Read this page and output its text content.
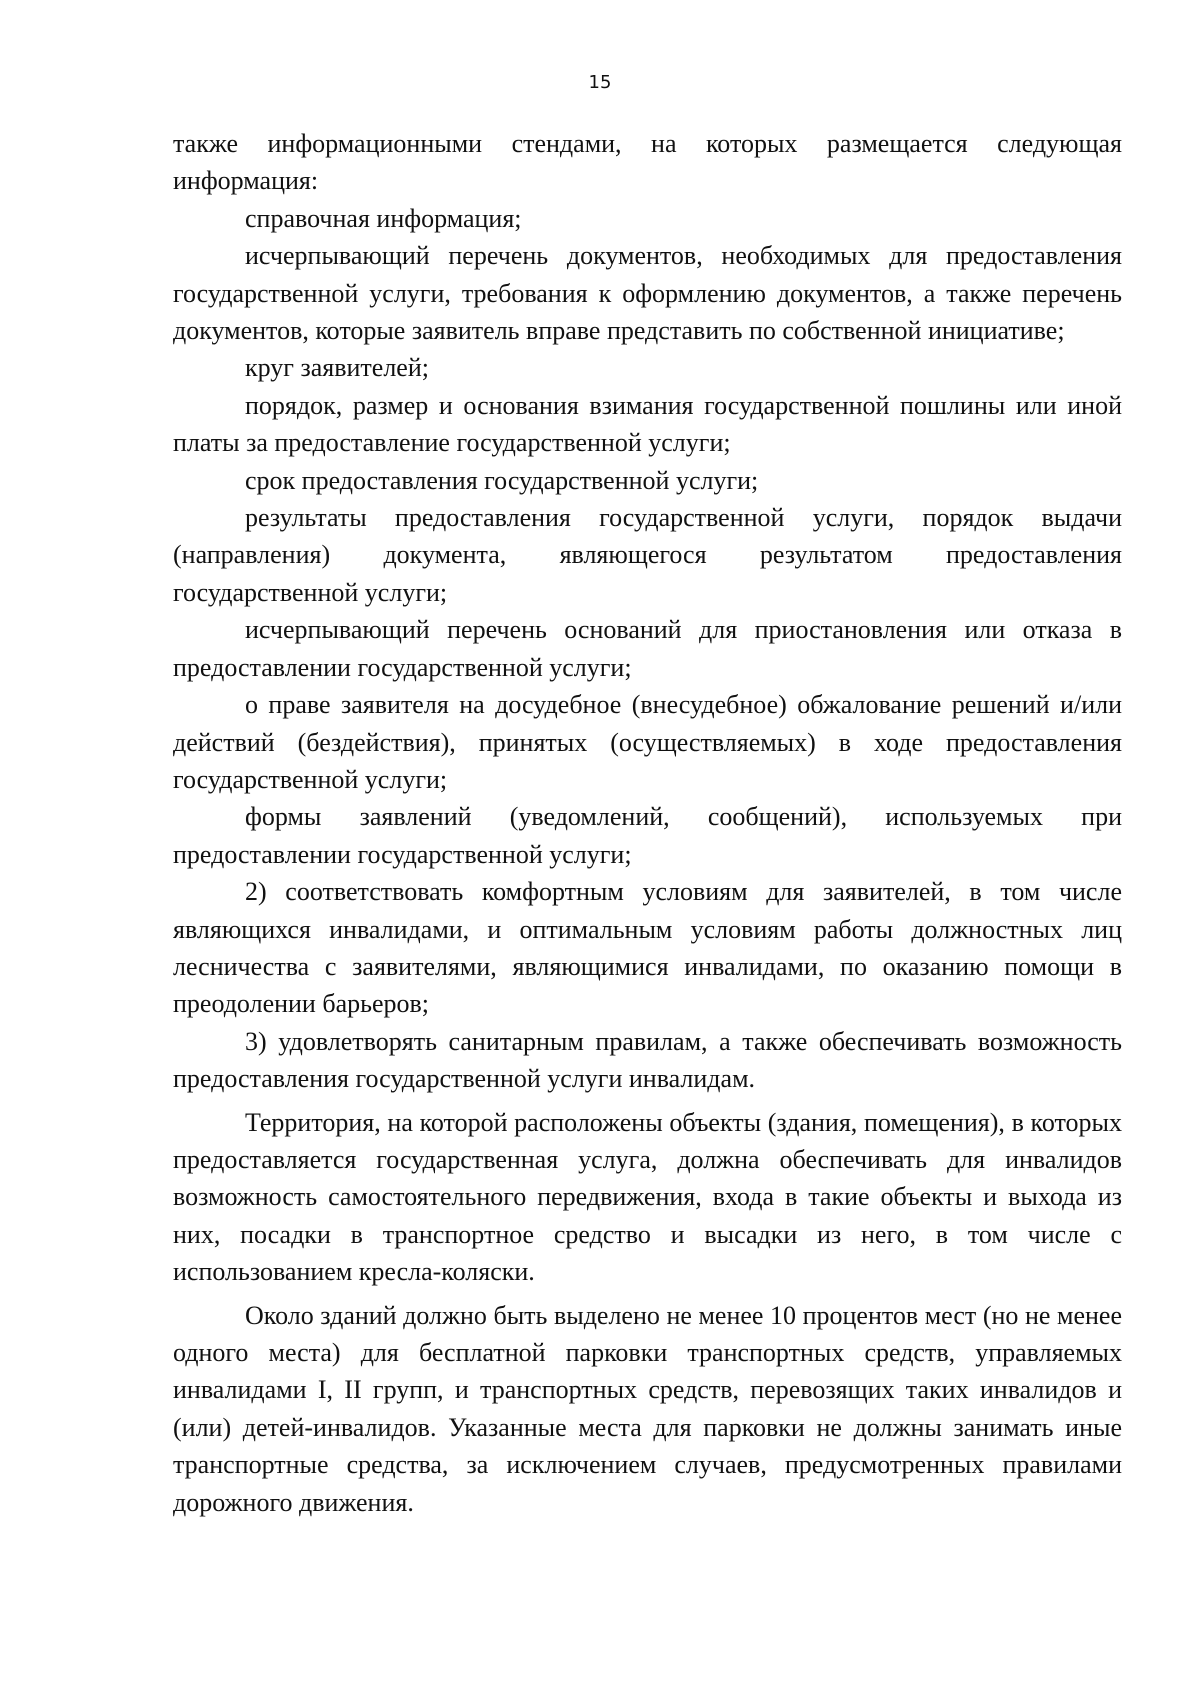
15

также информационными стендами, на которых размещается следующая информация:

справочная информация;

исчерпывающий перечень документов, необходимых для предоставления государственной услуги, требования к оформлению документов, а также перечень документов, которые заявитель вправе представить по собственной инициативе;

круг заявителей;

порядок, размер и основания взимания государственной пошлины или иной платы за предоставление государственной услуги;

срок предоставления государственной услуги;

результаты предоставления государственной услуги, порядок выдачи (направления) документа, являющегося результатом предоставления государственной услуги;

исчерпывающий перечень оснований для приостановления или отказа в предоставлении государственной услуги;

о праве заявителя на досудебное (внесудебное) обжалование решений и/или действий (бездействия), принятых (осуществляемых) в ходе предоставления государственной услуги;

формы заявлений (уведомлений, сообщений), используемых при предоставлении государственной услуги;

2) соответствовать комфортным условиям для заявителей, в том числе являющихся инвалидами, и оптимальным условиям работы должностных лиц лесничества с заявителями, являющимися инвалидами, по оказанию помощи в преодолении барьеров;

3) удовлетворять санитарным правилам, а также обеспечивать возможность предоставления государственной услуги инвалидам.

Территория, на которой расположены объекты (здания, помещения), в которых предоставляется государственная услуга, должна обеспечивать для инвалидов возможность самостоятельного передвижения, входа в такие объекты и выхода из них, посадки в транспортное средство и высадки из него, в том числе с использованием кресла-коляски.

Около зданий должно быть выделено не менее 10 процентов мест (но не менее одного места) для бесплатной парковки транспортных средств, управляемых инвалидами I, II групп, и транспортных средств, перевозящих таких инвалидов и (или) детей-инвалидов. Указанные места для парковки не должны занимать иные транспортные средства, за исключением случаев, предусмотренных правилами дорожного движения.
